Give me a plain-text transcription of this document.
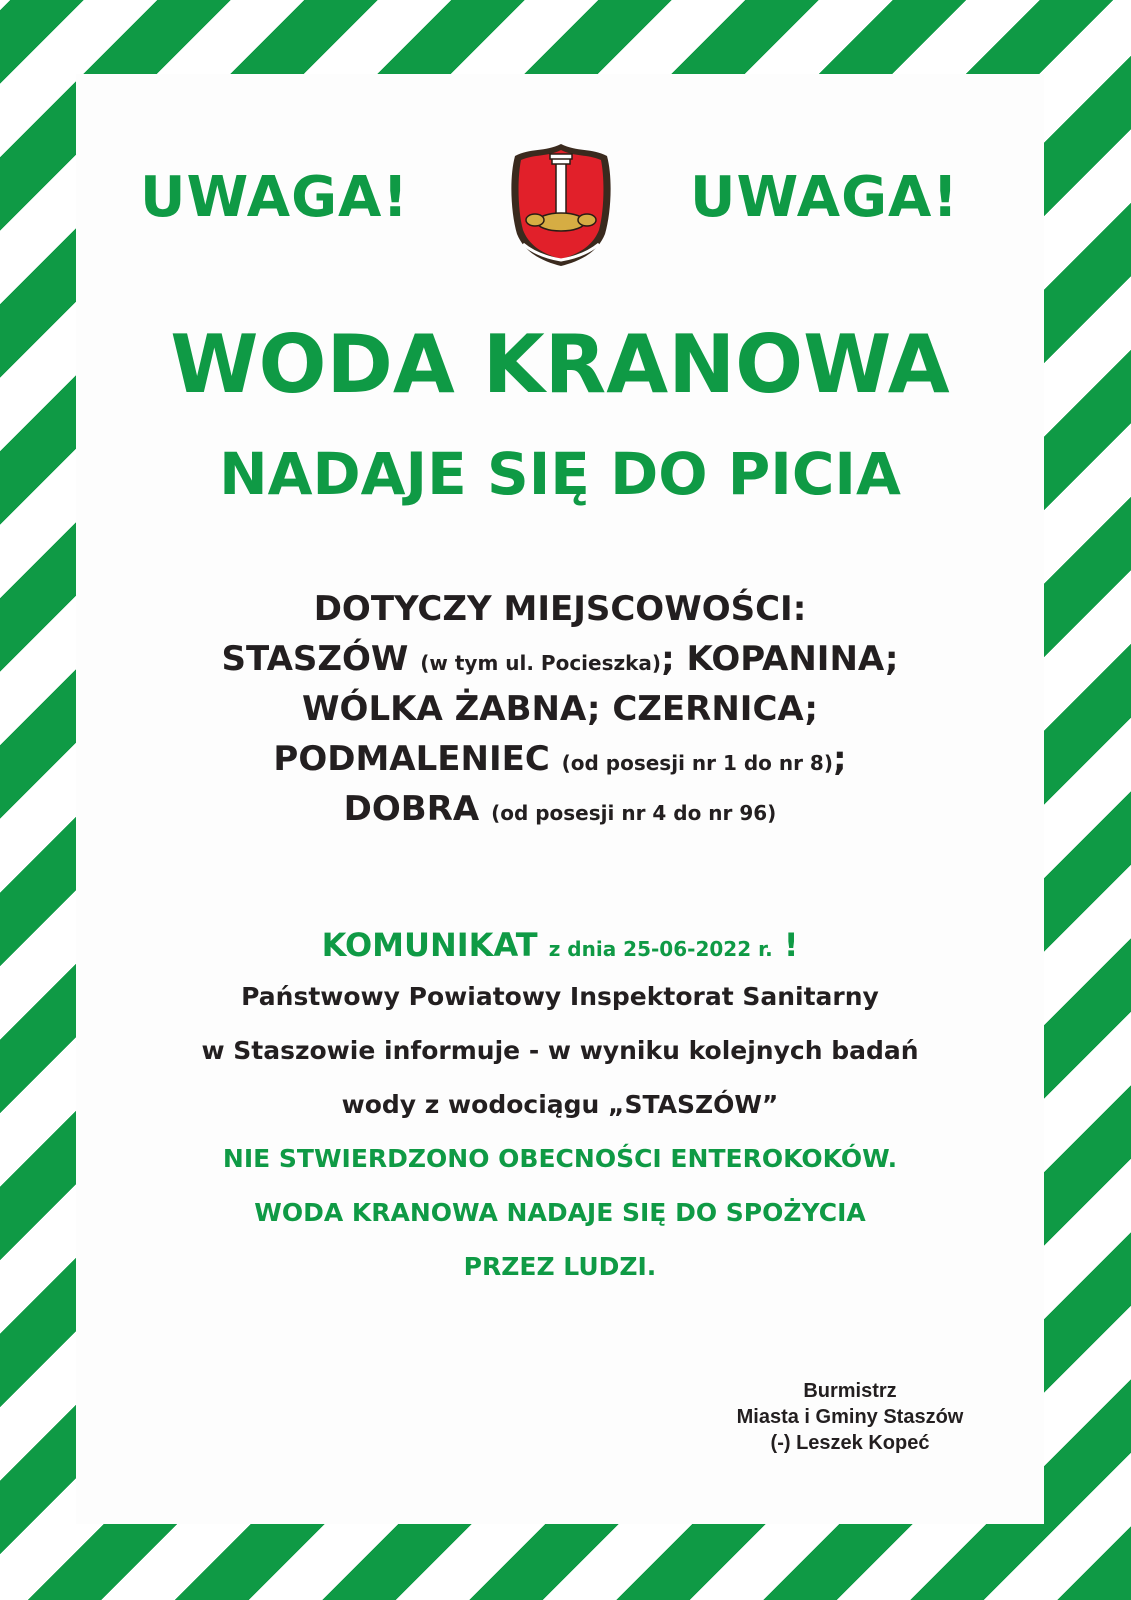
UWAGA!	UWAGA!
WODA KRANOWA
NADAJE SIĘ DO PICIA
DOTYCZY MIEJSCOWOŚCI:
STASZÓW (w tym ul. Pocieszka); KOPANINA;
WÓLKA ŻABNA; CZERNICA;
PODMALENIEC (od posesji nr 1 do nr 8);
DOBRA (od posesji nr 4 do nr 96)
KOMUNIKAT z dnia 25-06-2022 r. !
Państwowy Powiatowy Inspektorat Sanitarny
w Staszowie informuje - w wyniku kolejnych badań
wody z wodociągu „STASZÓW”
NIE STWIERDZONO OBECNOŚCI ENTEROKOKÓW.
WODA KRANOWA NADAJE SIĘ DO SPOŻYCIA
PRZEZ LUDZI.
Burmistrz
Miasta i Gminy Staszów
(-) Leszek Kopeć
